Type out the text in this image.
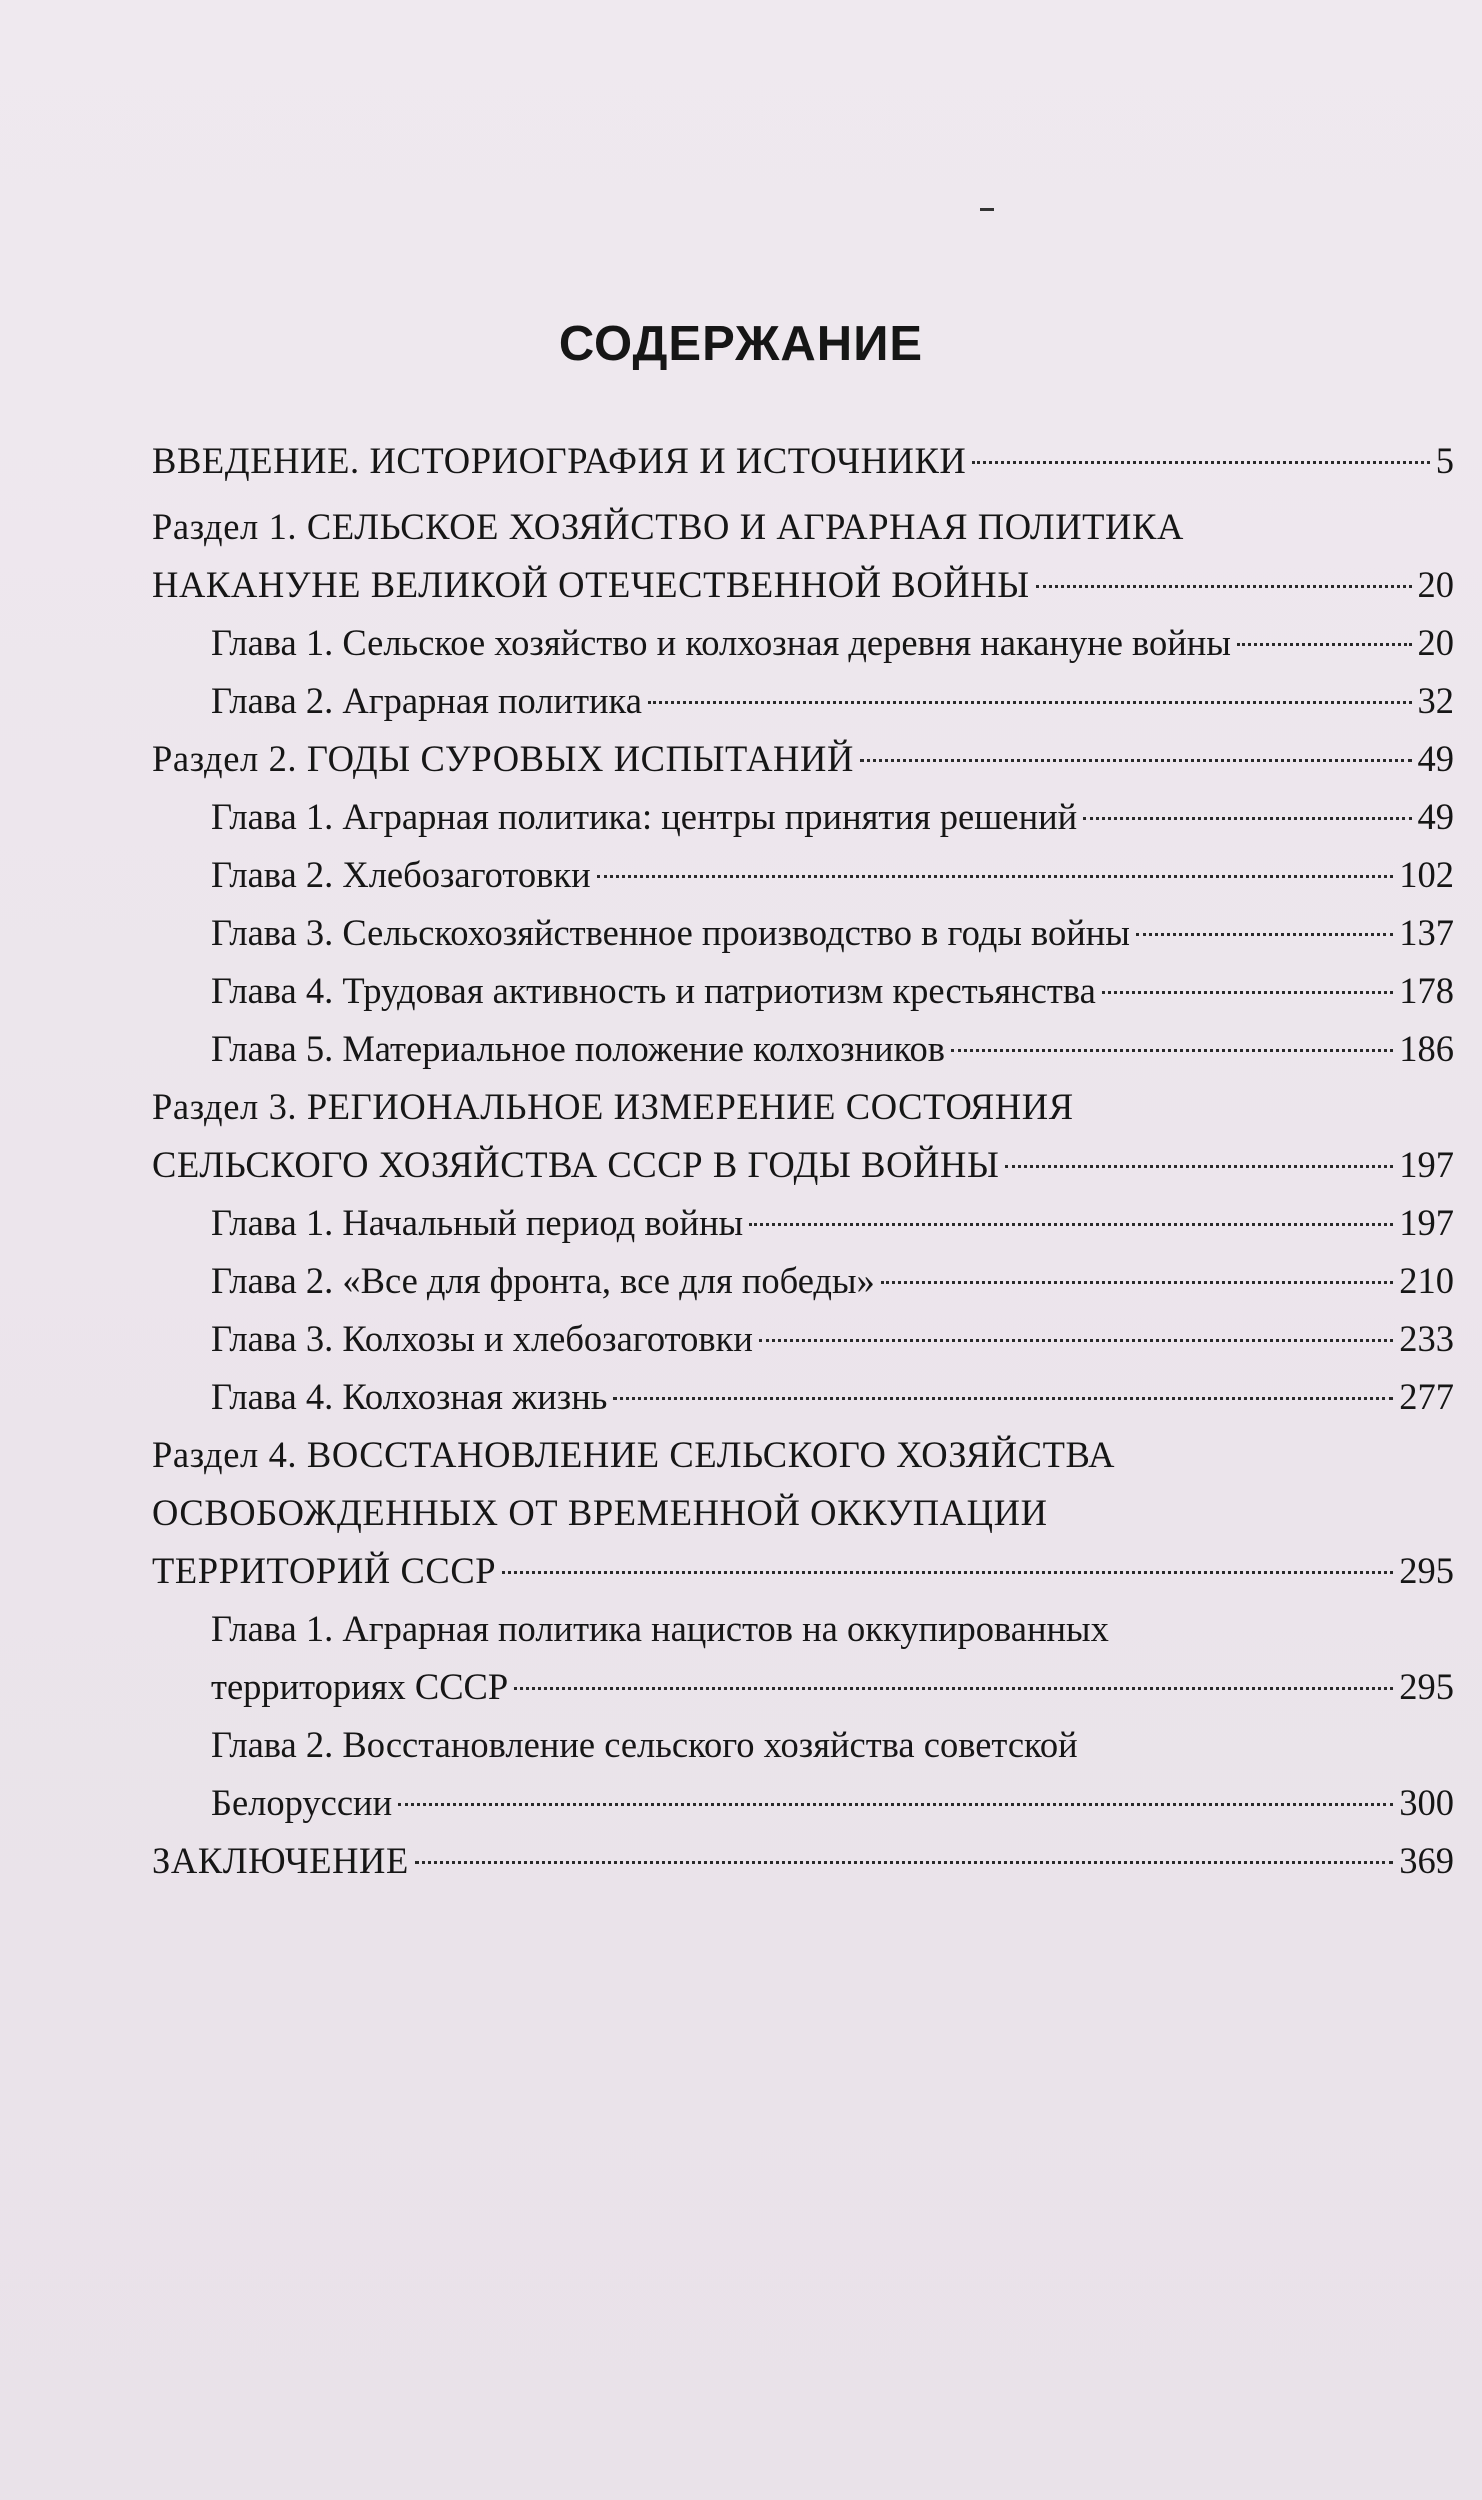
СОДЕРЖАНИЕ
ВВЕДЕНИЕ. ИСТОРИОГРАФИЯ И ИСТОЧНИКИ	5
Раздел 1. СЕЛЬСКОЕ ХОЗЯЙСТВО И АГРАРНАЯ ПОЛИТИКА
НАКАНУНЕ ВЕЛИКОЙ ОТЕЧЕСТВЕННОЙ ВОЙНЫ	20
Глава 1. Сельское хозяйство и колхозная деревня накануне войны	20
Глава 2. Аграрная политика	32
Раздел 2. ГОДЫ СУРОВЫХ ИСПЫТАНИЙ	49
Глава 1. Аграрная политика: центры принятия решений	49
Глава 2. Хлебозаготовки	102
Глава 3. Сельскохозяйственное производство в годы войны	137
Глава 4. Трудовая активность и патриотизм крестьянства	178
Глава 5. Материальное положение колхозников	186
Раздел 3. РЕГИОНАЛЬНОЕ ИЗМЕРЕНИЕ СОСТОЯНИЯ
СЕЛЬСКОГО ХОЗЯЙСТВА СССР В ГОДЫ ВОЙНЫ	197
Глава 1. Начальный период войны	197
Глава 2. «Все для фронта, все для победы»	210
Глава 3. Колхозы и хлебозаготовки	233
Глава 4. Колхозная жизнь	277
Раздел 4. ВОССТАНОВЛЕНИЕ СЕЛЬСКОГО ХОЗЯЙСТВА
ОСВОБОЖДЕННЫХ ОТ ВРЕМЕННОЙ ОККУПАЦИИ
ТЕРРИТОРИЙ СССР	295
Глава 1. Аграрная политика нацистов на оккупированных
территориях СССР	295
Глава 2. Восстановление сельского хозяйства советской
Белоруссии	300
ЗАКЛЮЧЕНИЕ	369
